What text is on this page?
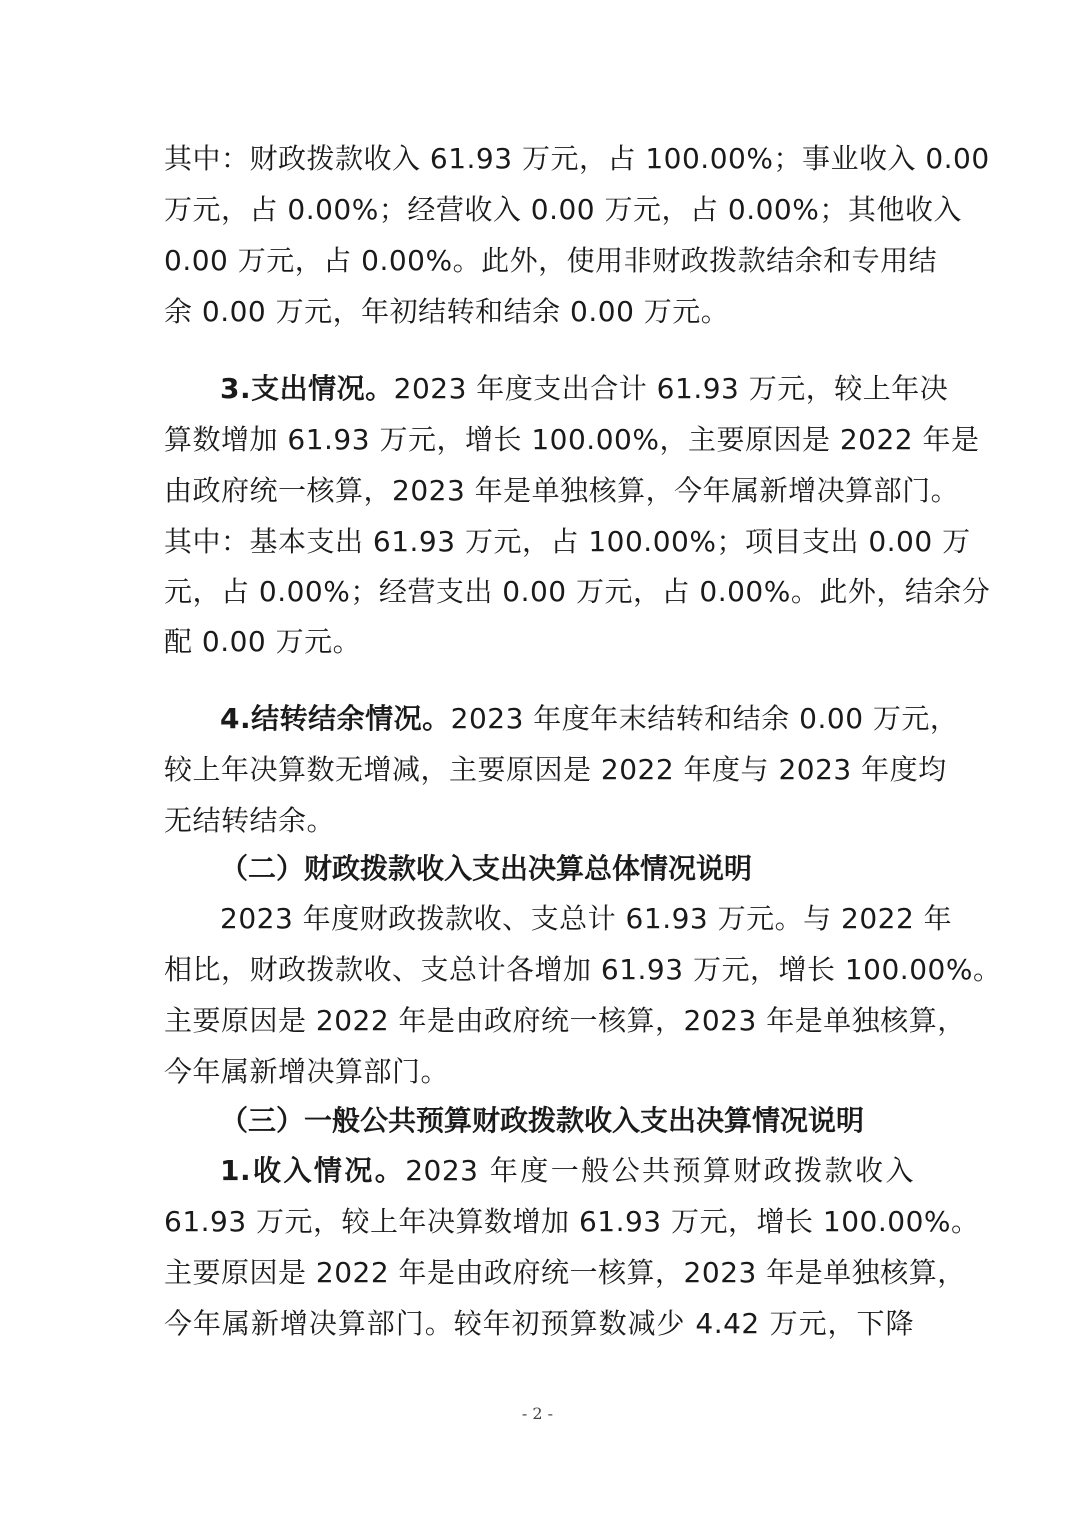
其中：财政拨款收入 61.93 万元，占 100.00%；事业收入 0.00
万元，占 0.00%；经营收入 0.00 万元，占 0.00%；其他收入
0.00 万元，占 0.00%。此外，使用非财政拨款结余和专用结
余 0.00 万元，年初结转和结余 0.00 万元。
3.支出情况。2023 年度支出合计 61.93 万元，较上年决
算数增加 61.93 万元，增长 100.00%，主要原因是 2022 年是
由政府统一核算，2023 年是单独核算，今年属新增决算部门。
其中：基本支出 61.93 万元，占 100.00%；项目支出 0.00 万
元，占 0.00%；经营支出 0.00 万元，占 0.00%。此外，结余分
配 0.00 万元。
4.结转结余情况。2023 年度年末结转和结余 0.00 万元，
较上年决算数无增减，主要原因是 2022 年度与 2023 年度均
无结转结余。
（二）财政拨款收入支出决算总体情况说明
2023 年度财政拨款收、支总计 61.93 万元。与 2022 年
相比，财政拨款收、支总计各增加 61.93 万元，增长 100.00%。
主要原因是 2022 年是由政府统一核算，2023 年是单独核算，
今年属新增决算部门。
（三）一般公共预算财政拨款收入支出决算情况说明
1.收入情况。2023 年度一般公共预算财政拨款收入
61.93 万元，较上年决算数增加 61.93 万元，增长 100.00%。
主要原因是 2022 年是由政府统一核算，2023 年是单独核算，
今年属新增决算部门。较年初预算数减少 4.42 万元，下降
- 2 -
